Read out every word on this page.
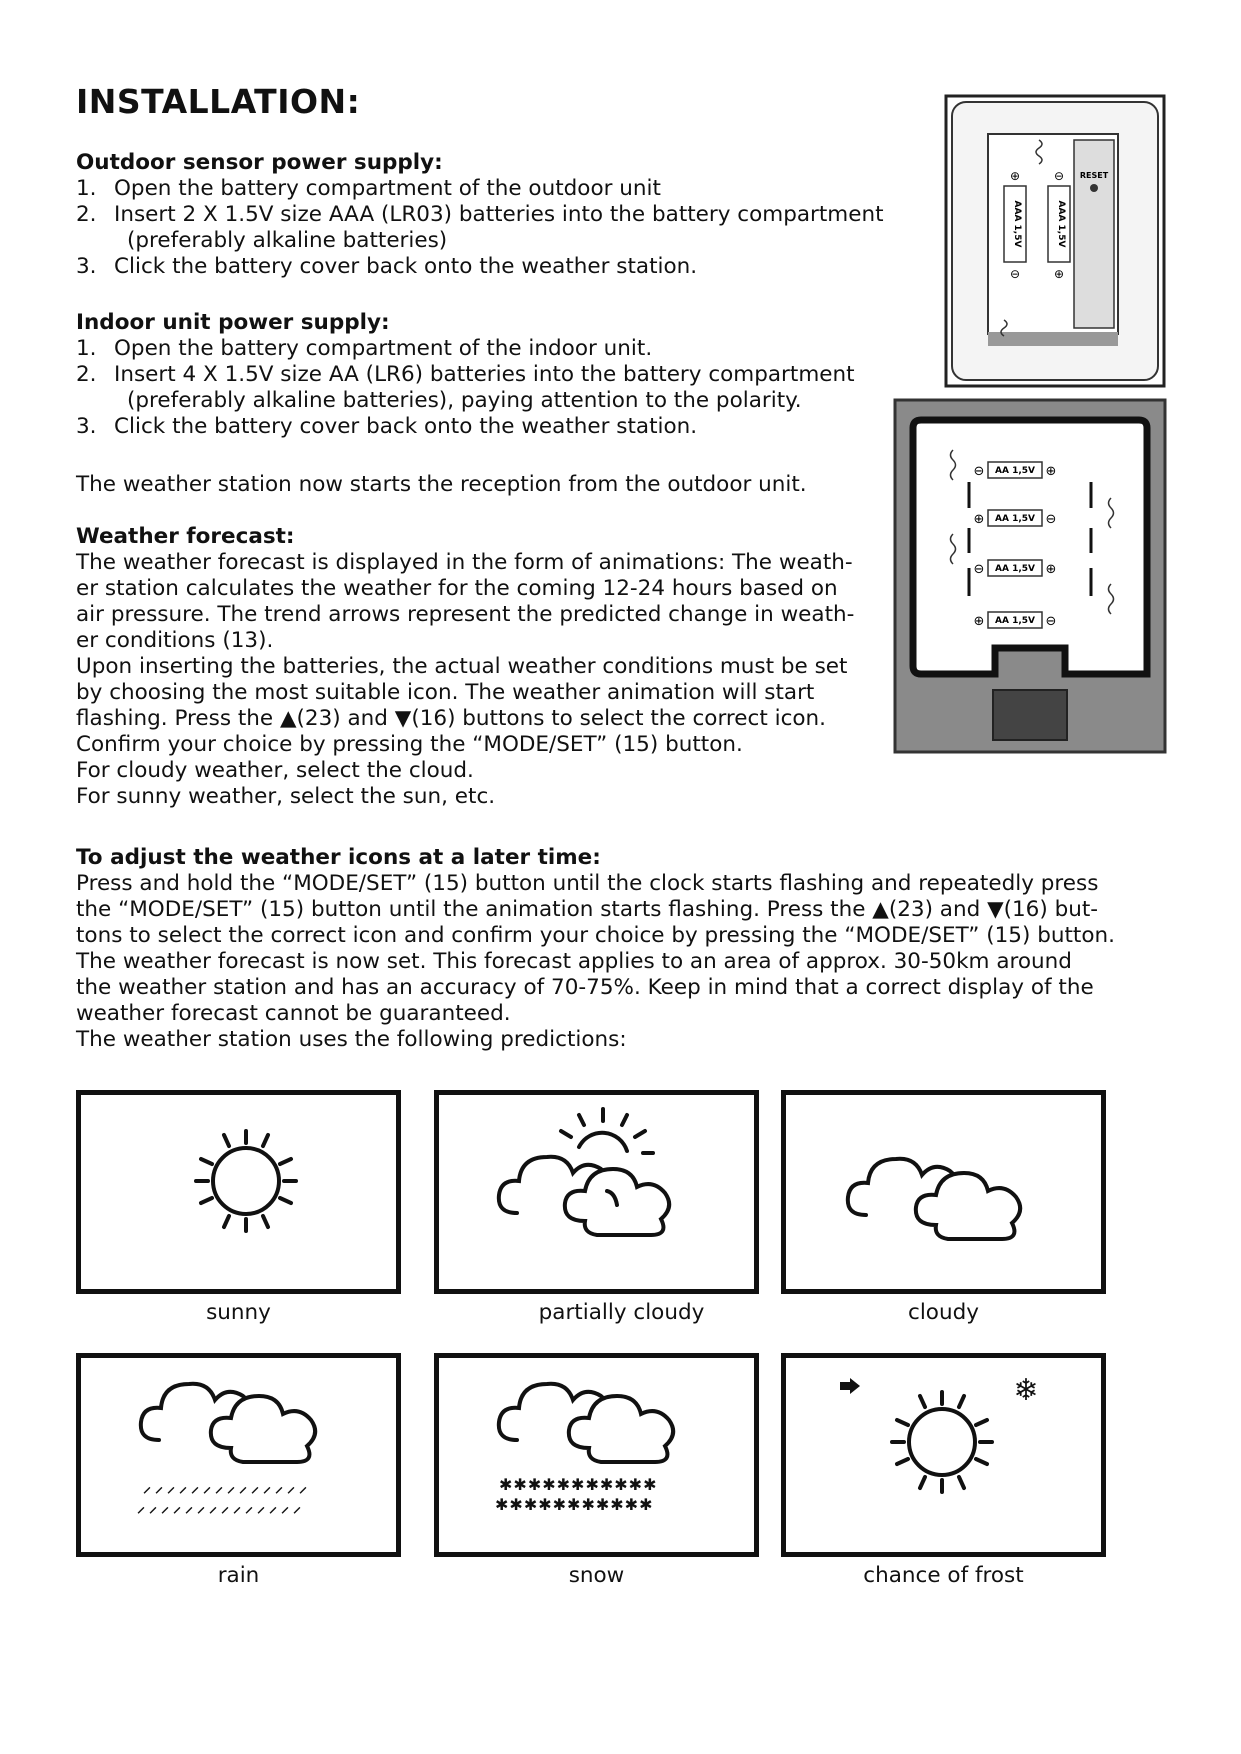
INSTALLATION:
Outdoor sensor power supply:
1. Open the battery compartment of the outdoor unit
2. Insert 2 X 1.5V size AAA (LR03) batteries into the battery compartment
(preferably alkaline batteries)
3. Click the battery cover back onto the weather station.
Indoor unit power supply:
1. Open the battery compartment of the indoor unit.
2. Insert 4 X 1.5V size AA (LR6) batteries into the battery compartment
(preferably alkaline batteries), paying attention to the polarity.
3. Click the battery cover back onto the weather station.
The weather station now starts the reception from the outdoor unit.
Weather forecast:
The weather forecast is displayed in the form of animations: The weath-
er station calculates the weather for the coming 12-24 hours based on
air pressure. The trend arrows represent the predicted change in weath-
er conditions (13).
Upon inserting the batteries, the actual weather conditions must be set
by choosing the most suitable icon. The weather animation will start
flashing. Press the ▲(23) and ▼(16) buttons to select the correct icon.
Confirm your choice by pressing the “MODE/SET” (15) button.
For cloudy weather, select the cloud.
For sunny weather, select the sun, etc.
To adjust the weather icons at a later time:
Press and hold the “MODE/SET” (15) button until the clock starts flashing and repeatedly press
the “MODE/SET” (15) button until the animation starts flashing. Press the ▲(23) and ▼(16) but-
tons to select the correct icon and confirm your choice by pressing the “MODE/SET” (15) button.
The weather forecast is now set. This forecast applies to an area of approx. 30-50km around
the weather station and has an accuracy of 70-75%. Keep in mind that a correct display of the
weather forecast cannot be guaranteed.
The weather station uses the following predictions:
AAA 1,5V	AAA 1,5V
⊕
⊖
⊖
⊕
RESET
AA 1,5V
AA 1,5V
AA 1,5V
AA 1,5V
⊖	⊕
⊕	⊖
⊖	⊕
⊕	⊖
sunny	partially cloudy	cloudy
⸝⸝⸝⸝⸝⸝⸝⸝⸝⸝⸝⸝⸝⸝
⸝⸝⸝⸝⸝⸝⸝⸝⸝⸝⸝⸝⸝⸝
rain
✱✱✱✱✱✱✱✱✱✱✱
✱✱✱✱✱✱✱✱✱✱✱
snow
❄
chance of frost
